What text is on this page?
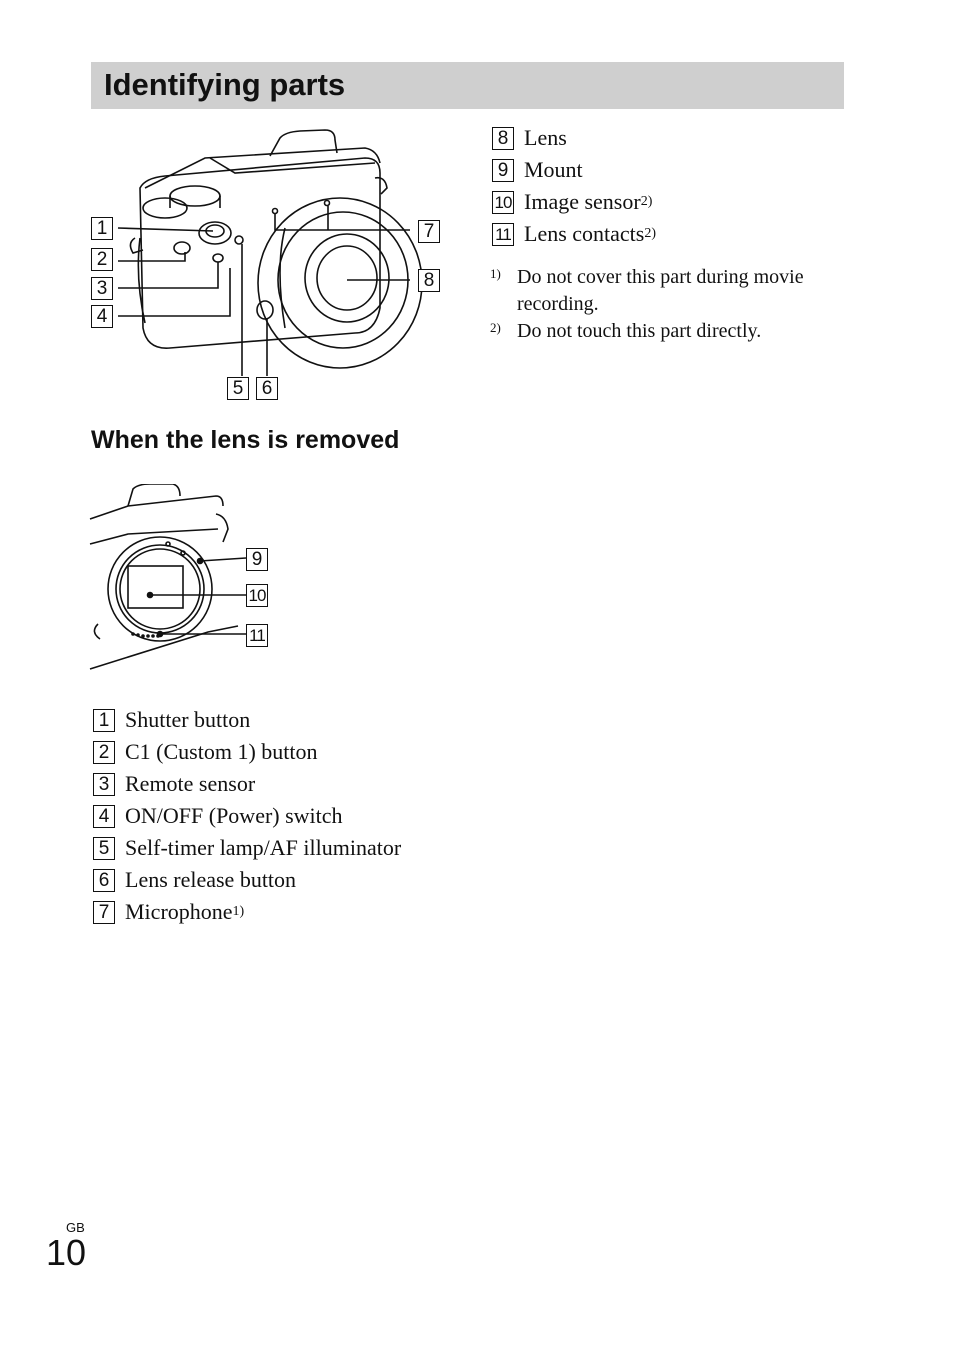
Identifying parts
1
2
3
4
5 6
7
8
When the lens is removed
9
10
11
8 Lens
9 Mount
10 Image sensor 2)
11 Lens contacts 2)
1) Do not cover this part during movie recording.
2) Do not touch this part directly.
1 Shutter button
2 C1 (Custom 1) button
3 Remote sensor
4 ON/OFF (Power) switch
5 Self-timer lamp/AF illuminator
6 Lens release button
7 Microphone 1)
GB
10
